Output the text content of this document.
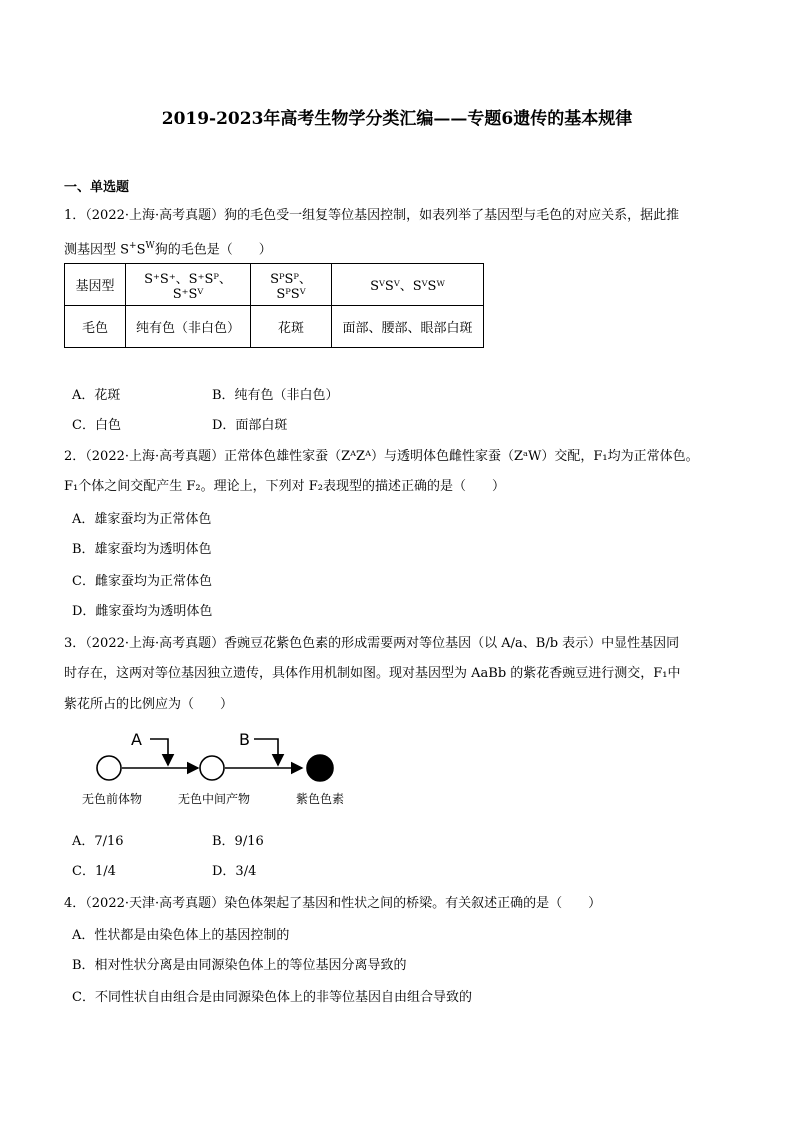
2019-2023年高考生物学分类汇编——专题6遗传的基本规律
一、单选题
1．（2022·上海·高考真题）狗的毛色受一组复等位基因控制，如表列举了基因型与毛色的对应关系，据此推
测基因型 $S^+S^W$狗的毛色是（　　）
基因型	S⁺S⁺、S⁺Sᴾ、S⁺Sⱽ	SᴾSᴾ、SᴾSⱽ	SⱽSⱽ、SⱽSᵂ
毛色	纯有色（非白色）	花斑	面部、腰部、眼部白斑
A．花斑	B．纯有色（非白色）
C．白色	D．面部白斑
2．（2022·上海·高考真题）正常体色雄性家蚕（ZᴬZᴬ）与透明体色雌性家蚕（ZᵃW）交配，F₁均为正常体色。
F₁个体之间交配产生 F₂。理论上，下列对 F₂表现型的描述正确的是（　　）
A．雄家蚕均为正常体色
B．雄家蚕均为透明体色
C．雌家蚕均为正常体色
D．雌家蚕均为透明体色
3．（2022·上海·高考真题）香豌豆花紫色色素的形成需要两对等位基因（以 A/a、B/b 表示）中显性基因同
时存在，这两对等位基因独立遗传，具体作用机制如图。现对基因型为 AaBb 的紫花香豌豆进行测交，F₁中
紫花所占的比例应为（　　）
A	B
无色前体物	无色中间产物	紫色色素
A．7/16	B．9/16
C．1/4	D．3/4
4．（2022·天津·高考真题）染色体架起了基因和性状之间的桥梁。有关叙述正确的是（　　）
A．性状都是由染色体上的基因控制的
B．相对性状分离是由同源染色体上的等位基因分离导致的
C．不同性状自由组合是由同源染色体上的非等位基因自由组合导致的
